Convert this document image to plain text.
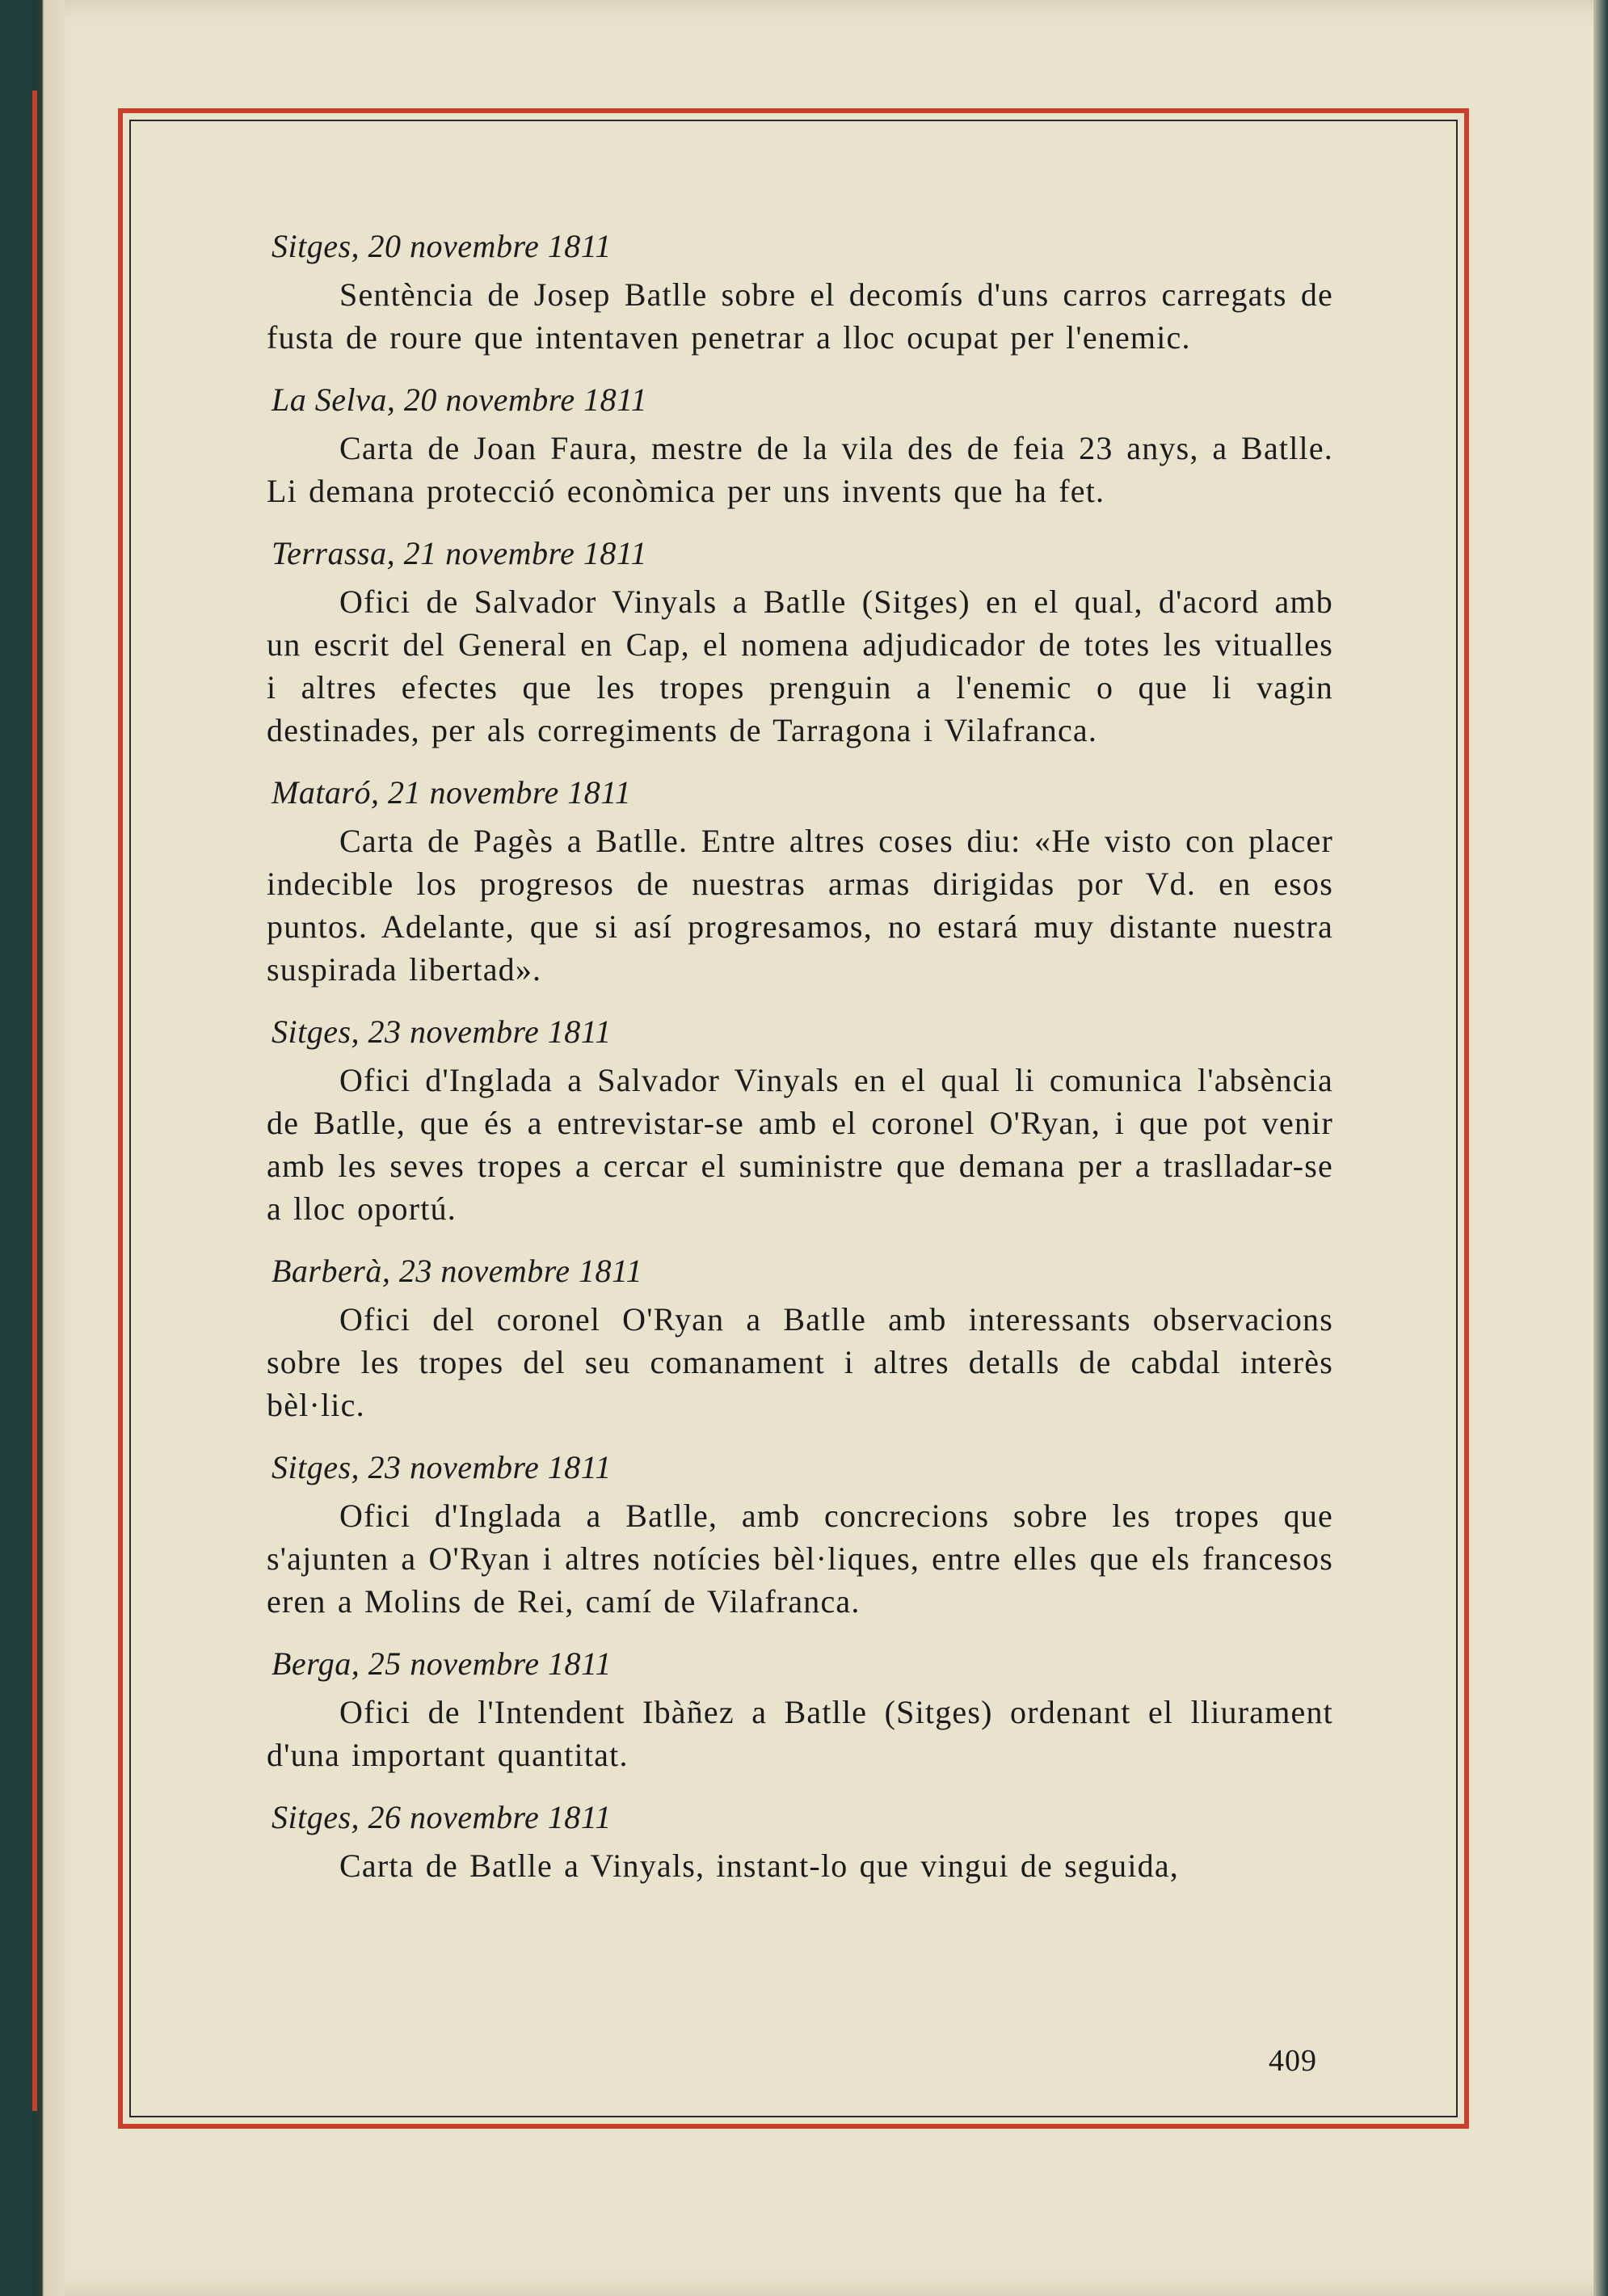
Sitges, 20 novembre 1811

Sentència de Josep Batlle sobre el decomís d'uns carros carregats de fusta de roure que intentaven penetrar a lloc ocupat per l'enemic.

La Selva, 20 novembre 1811

Carta de Joan Faura, mestre de la vila des de feia 23 anys, a Batlle. Li demana protecció econòmica per uns invents que ha fet.

Terrassa, 21 novembre 1811

Ofici de Salvador Vinyals a Batlle (Sitges) en el qual, d'acord amb un escrit del General en Cap, el nomena adjudicador de totes les vitualles i altres efectes que les tropes prenguin a l'enemic o que li vagin destinades, per als corregiments de Tarragona i Vilafranca.

Mataró, 21 novembre 1811

Carta de Pagès a Batlle. Entre altres coses diu: «He visto con placer indecible los progresos de nuestras armas dirigidas por Vd. en esos puntos. Adelante, que si así progresamos, no estará muy distante nuestra suspirada libertad».

Sitges, 23 novembre 1811

Ofici d'Inglada a Salvador Vinyals en el qual li comunica l'absència de Batlle, que és a entrevistar-se amb el coronel O'Ryan, i que pot venir amb les seves tropes a cercar el suministre que demana per a traslladar-se a lloc oportú.

Barberà, 23 novembre 1811

Ofici del coronel O'Ryan a Batlle amb interessants observacions sobre les tropes del seu comanament i altres detalls de cabdal interès bèl·lic.

Sitges, 23 novembre 1811

Ofici d'Inglada a Batlle, amb concrecions sobre les tropes que s'ajunten a O'Ryan i altres notícies bèl·liques, entre elles que els francesos eren a Molins de Rei, camí de Vilafranca.

Berga, 25 novembre 1811

Ofici de l'Intendent Ibàñez a Batlle (Sitges) ordenant el lliurament d'una important quantitat.

Sitges, 26 novembre 1811

Carta de Batlle a Vinyals, instant-lo que vingui de seguida,

409
